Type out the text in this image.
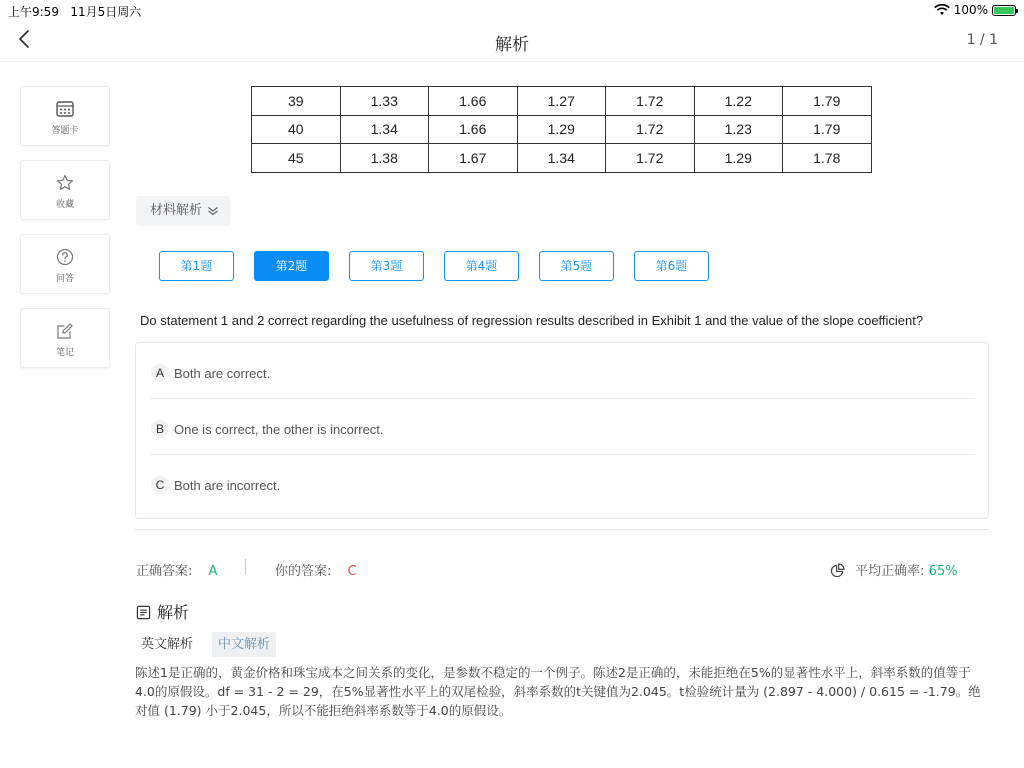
上午9:59 11月5日周六	100%
解析	1 / 1
答题卡
收藏
问答
笔记
39	1.33	1.66	1.27	1.72	1.22	1.79
40	1.34	1.66	1.29	1.72	1.23	1.79
45	1.38	1.67	1.34	1.72	1.29	1.78
材料解析
第1题	第2题	第3题	第4题	第5题	第6题
Do statement 1 and 2 correct regarding the usefulness of regression results described in Exhibit 1 and the value of the slope coefficient?
A Both are correct.
B One is correct, the other is incorrect.
C Both are incorrect.
正确答案: A	你的答案: C	平均正确率: 65%
解析
英文解析	中文解析
陈述1是正确的，黄金价格和珠宝成本之间关系的变化，是参数不稳定的一个例子。陈述2是正确的，未能拒绝在5%的显著性水平上，斜率系数的值等于4.0的原假设。df = 31 - 2 = 29，在5%显著性水平上的双尾检验，斜率系数的t关键值为2.045。t检验统计量为 (2.897 - 4.000) / 0.615 = -1.79。绝对值 (1.79) 小于2.045，所以不能拒绝斜率系数等于4.0的原假设。
